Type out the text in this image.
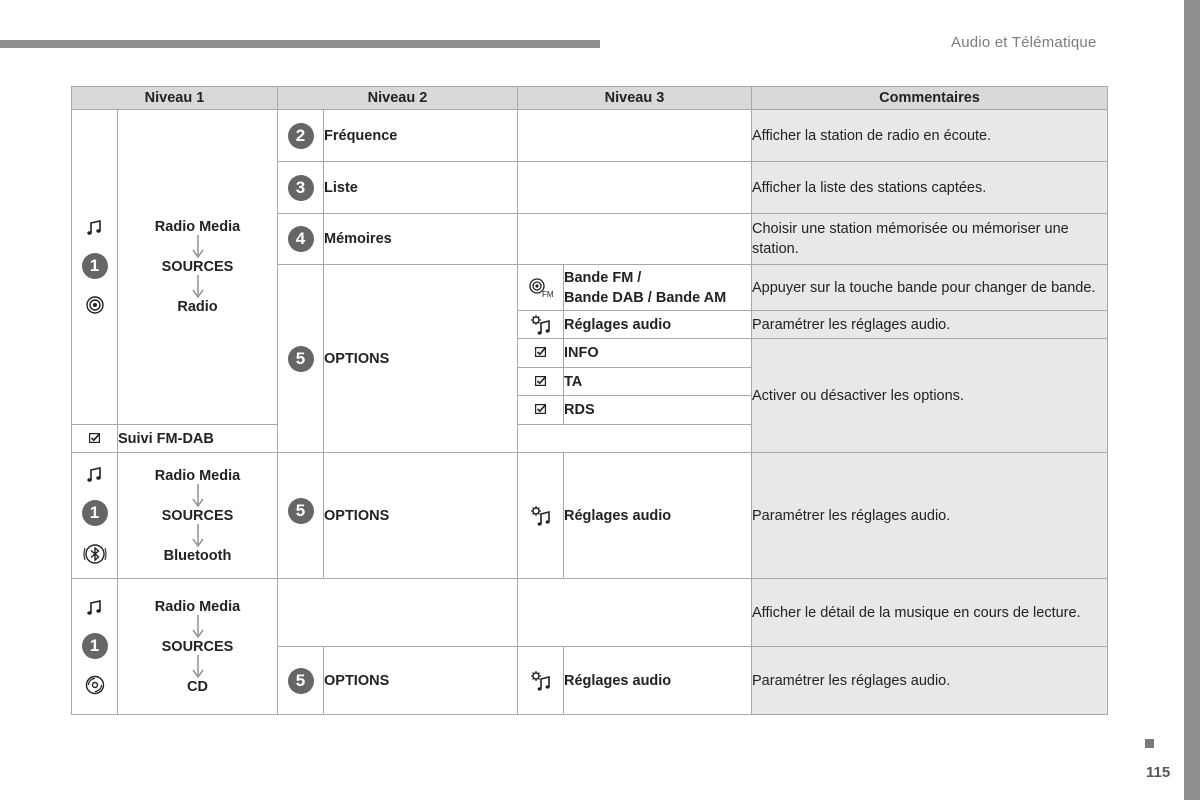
Audio et Télématique
Niveau 1		Niveau 2		Niveau 3		Commentaires

1	Radio Media
SOURCES
Radio	2	Fréquence			Afficher la station de radio en écoute.
		3	Liste			Afficher la liste des stations captées.
		4	Mémoires			Choisir une station mémorisée ou mémoriser une station.
		5	OPTIONS	FM	Bande FM /
Bande DAB / Bande AM	Appuyer sur la touche bande pour changer de bande.

	Réglages audio	Paramétrer les réglages audio.
	INFO	Activer ou désactiver les options.
	TA	
	RDS	
	Suivi FM-DAB					

1	Radio Media
SOURCES
Bluetooth	5	OPTIONS		Réglages audio	Paramétrer les réglages audio.

1	Radio Media
SOURCES
CD					Afficher le détail de la musique en cours de lecture.
		5	OPTIONS		Réglages audio	Paramétrer les réglages audio.
115
